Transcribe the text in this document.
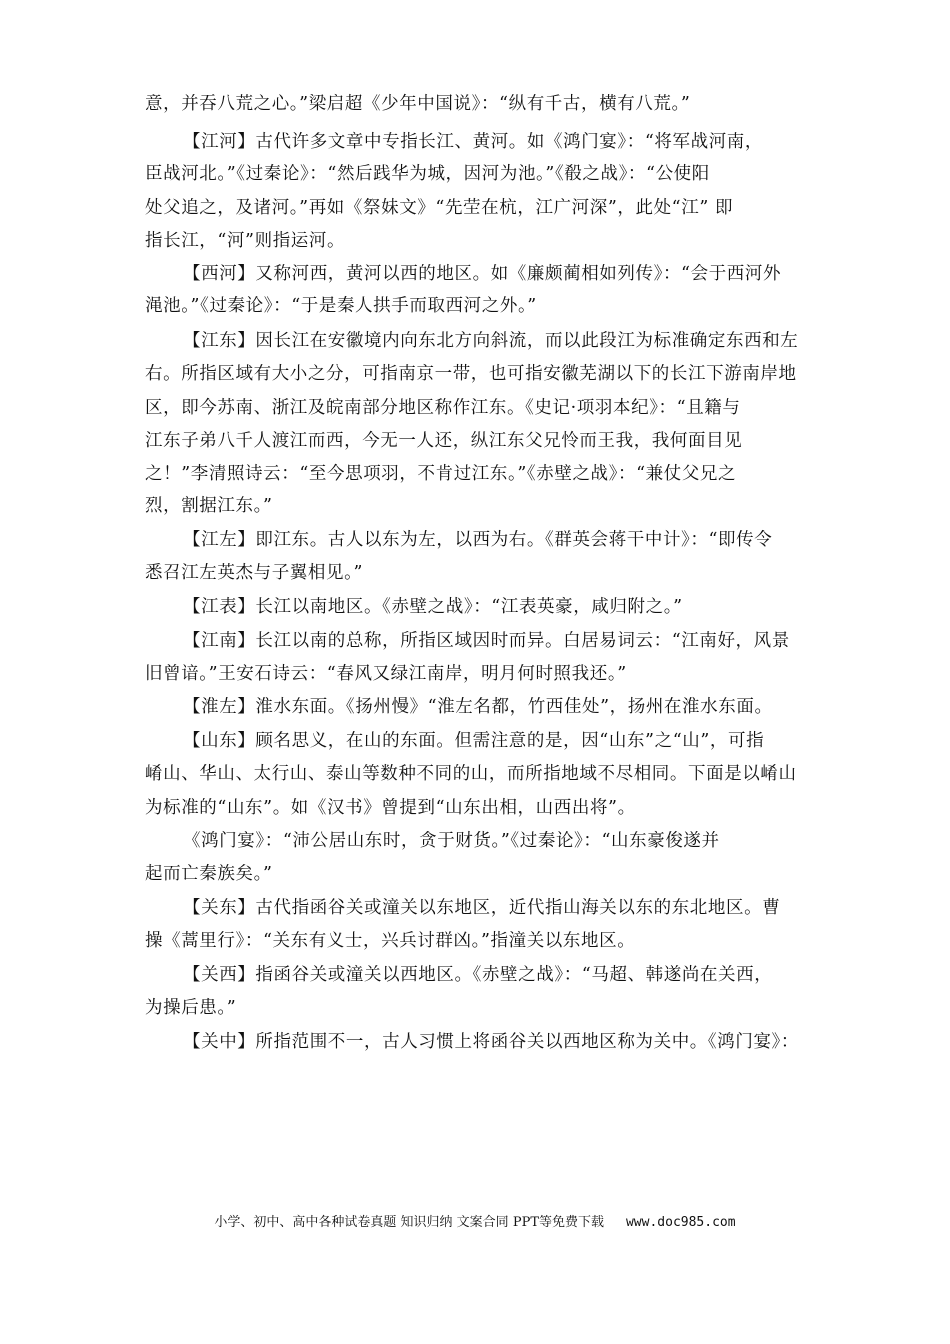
意，并吞八荒之心。”梁启超《少年中国说》：“纵有千古，横有八荒。”
【江河】古代许多文章中专指长江、黄河。如《鸿门宴》：“将军战河南，
臣战河北。”《过秦论》：“然后践华为城，因河为池。”《殽之战》：“公使阳
处父追之，及诸河。”再如《祭妹文》“先茔在杭，江广河深”，此处“江” 即
指长江，“河”则指运河。
【西河】又称河西，黄河以西的地区。如《廉颇蔺相如列传》：“会于西河外
渑池。”《过秦论》：“于是秦人拱手而取西河之外。”
【江东】因长江在安徽境内向东北方向斜流，而以此段江为标准确定东西和左
右。所指区域有大小之分，可指南京一带，也可指安徽芜湖以下的长江下游南岸地
区，即今苏南、浙江及皖南部分地区称作江东。《史记·项羽本纪》：“且籍与
江东子弟八千人渡江而西，今无一人还，纵江东父兄怜而王我，我何面目见
之！”李清照诗云：“至今思项羽，不肯过江东。”《赤壁之战》：“兼仗父兄之
烈，割据江东。”
【江左】即江东。古人以东为左，以西为右。《群英会蒋干中计》：“即传令
悉召江左英杰与子翼相见。”
【江表】长江以南地区。《赤壁之战》：“江表英豪，咸归附之。”
【江南】长江以南的总称，所指区域因时而异。白居易词云：“江南好，风景
旧曾谙。”王安石诗云：“春风又绿江南岸，明月何时照我还。”
【淮左】淮水东面。《扬州慢》“淮左名都，竹西佳处”，扬州在淮水东面。
【山东】顾名思义，在山的东面。但需注意的是，因“山东”之“山”，可指
崤山、华山、太行山、泰山等数种不同的山，而所指地域不尽相同。下面是以崤山
为标准的“山东”。如《汉书》曾提到“山东出相，山西出将”。
《鸿门宴》：“沛公居山东时，贪于财货。”《过秦论》：“山东豪俊遂并
起而亡秦族矣。”
【关东】古代指函谷关或潼关以东地区，近代指山海关以东的东北地区。曹
操《蒿里行》：“关东有义士，兴兵讨群凶。”指潼关以东地区。
【关西】指函谷关或潼关以西地区。《赤壁之战》：“马超、韩遂尚在关西，
为操后患。”
【关中】所指范围不一，古人习惯上将函谷关以西地区称为关中。《鸿门宴》：
小学、初中、高中各种试卷真题 知识归纳 文案合同 PPT等免费下载 www.doc985.com
